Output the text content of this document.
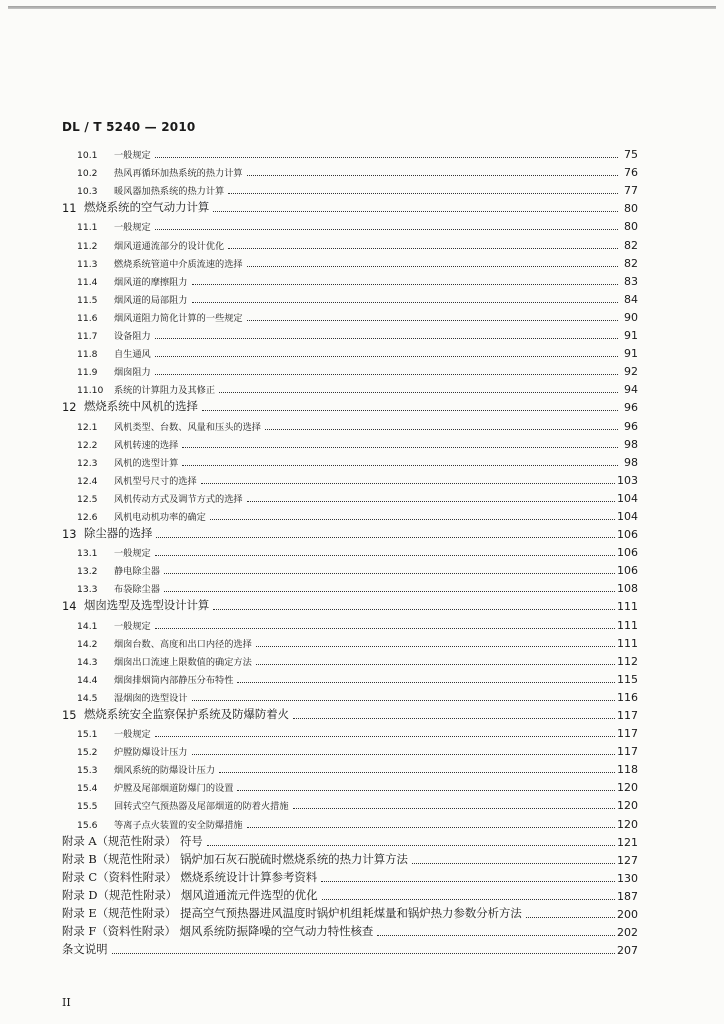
DL / T 5240 — 2010
10.1	一般规定	75
10.2	热风再循环加热系统的热力计算	76
10.3	暖风器加热系统的热力计算	77
11 燃烧系统的空气动力计算	80
11.1	一般规定	80
11.2	烟风道通流部分的设计优化	82
11.3	燃烧系统管道中介质流速的选择	82
11.4	烟风道的摩擦阻力	83
11.5	烟风道的局部阻力	84
11.6	烟风道阻力简化计算的一些规定	90
11.7	设备阻力	91
11.8	自生通风	91
11.9	烟囱阻力	92
11.10	系统的计算阻力及其修正	94
12 燃烧系统中风机的选择	96
12.1	风机类型、台数、风量和压头的选择	96
12.2	风机转速的选择	98
12.3	风机的选型计算	98
12.4	风机型号尺寸的选择	103
12.5	风机传动方式及调节方式的选择	104
12.6	风机电动机功率的确定	104
13 除尘器的选择	106
13.1	一般规定	106
13.2	静电除尘器	106
13.3	布袋除尘器	108
14 烟囱选型及选型设计计算	111
14.1	一般规定	111
14.2	烟囱台数、高度和出口内径的选择	111
14.3	烟囱出口流速上限数值的确定方法	112
14.4	烟囱排烟筒内部静压分布特性	115
14.5	湿烟囱的选型设计	116
15 燃烧系统安全监察保护系统及防爆防着火	117
15.1	一般规定	117
15.2	炉膛防爆设计压力	117
15.3	烟风系统的防爆设计压力	118
15.4	炉膛及尾部烟道防爆门的设置	120
15.5	回转式空气预热器及尾部烟道的防着火措施	120
15.6	等离子点火装置的安全防爆措施	120
附录 A（规范性附录） 符号	121
附录 B（规范性附录） 锅炉加石灰石脱硫时燃烧系统的热力计算方法	127
附录 C（资料性附录） 燃烧系统设计计算参考资料	130
附录 D（规范性附录） 烟风道通流元件选型的优化	187
附录 E（规范性附录） 提高空气预热器进风温度时锅炉机组耗煤量和锅炉热力参数分析方法	200
附录 F（资料性附录） 烟风系统防振降噪的空气动力特性核查	202
条文说明	207
II
